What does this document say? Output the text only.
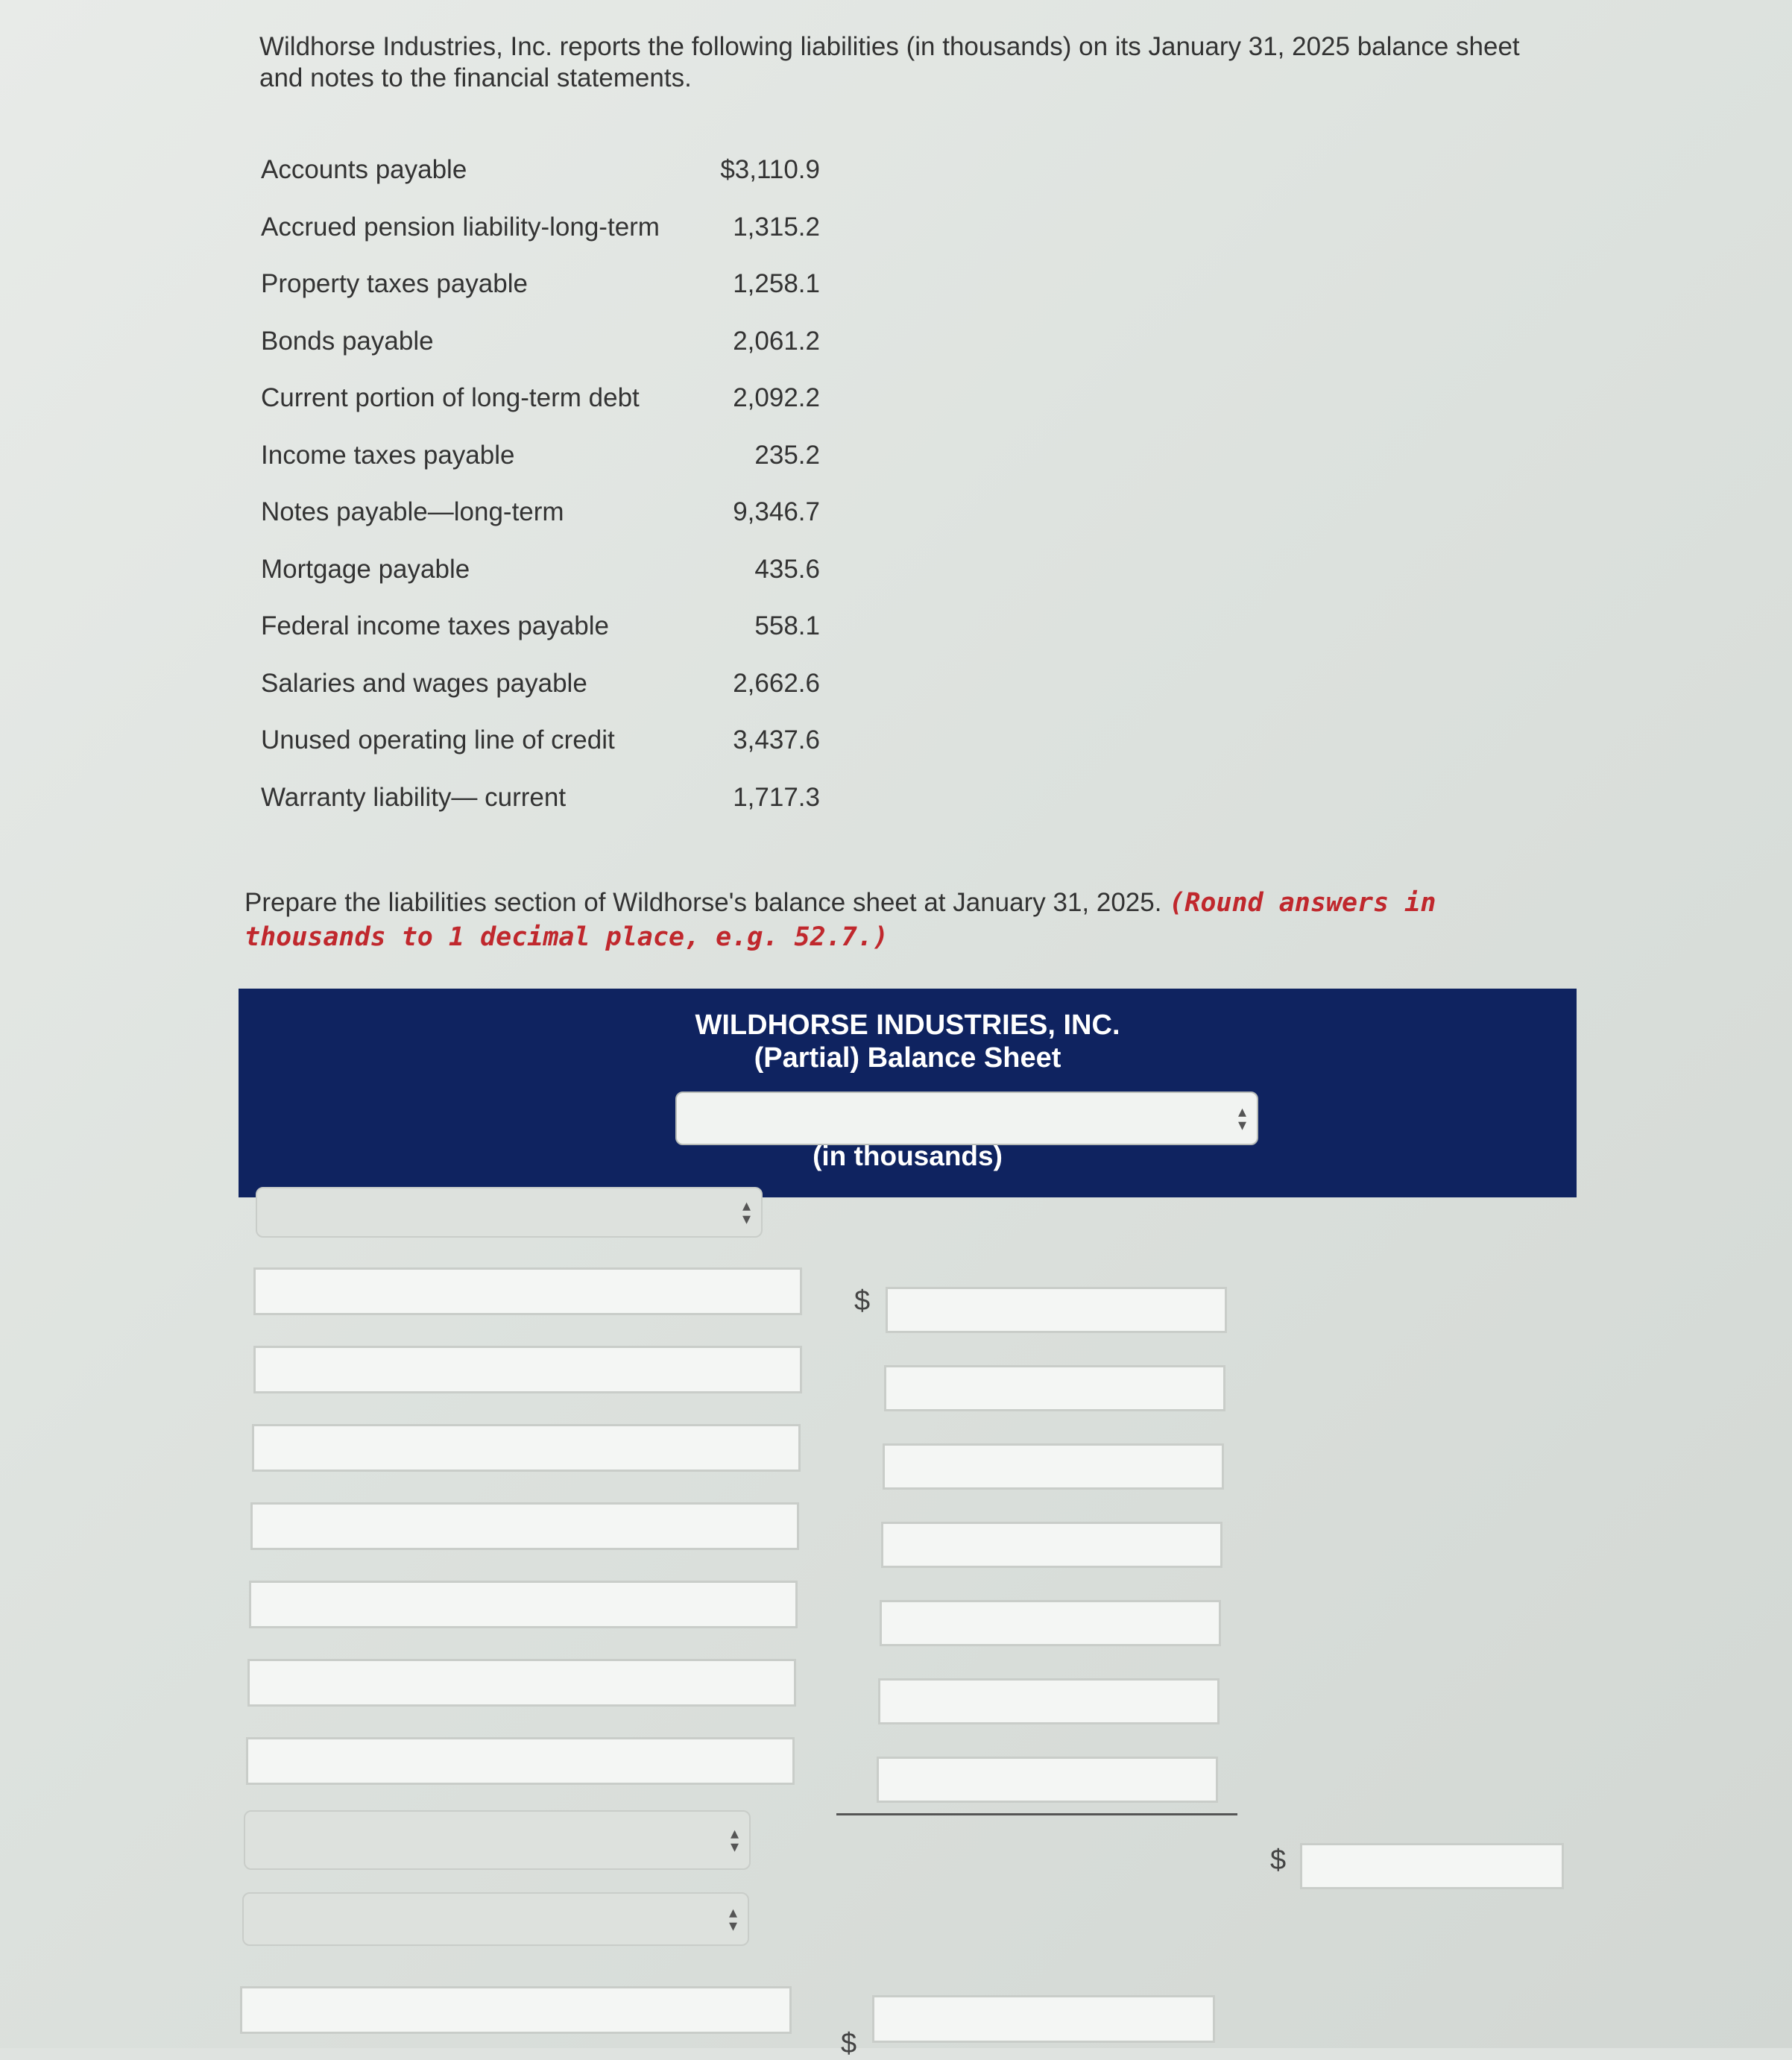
Wildhorse Industries, Inc. reports the following liabilities (in thousands) on its January 31, 2025 balance sheet and notes to the financial statements.
Accounts payable	$3,110.9
Accrued pension liability-long-term	1,315.2
Property taxes payable	1,258.1
Bonds payable	2,061.2
Current portion of long-term debt	2,092.2
Income taxes payable	235.2
Notes payable—long-term	9,346.7
Mortgage payable	435.6
Federal income taxes payable	558.1
Salaries and wages payable	2,662.6
Unused operating line of credit	3,437.6
Warranty liability— current	1,717.3
Prepare the liabilities section of Wildhorse's balance sheet at January 31, 2025. (Round answers in thousands to 1 decimal place, e.g. 52.7.)
WILDHORSE INDUSTRIES, INC.
(Partial) Balance Sheet
▴
▾
(in thousands)
▴
▾
$
▴
▾	$
▴
▾
$
